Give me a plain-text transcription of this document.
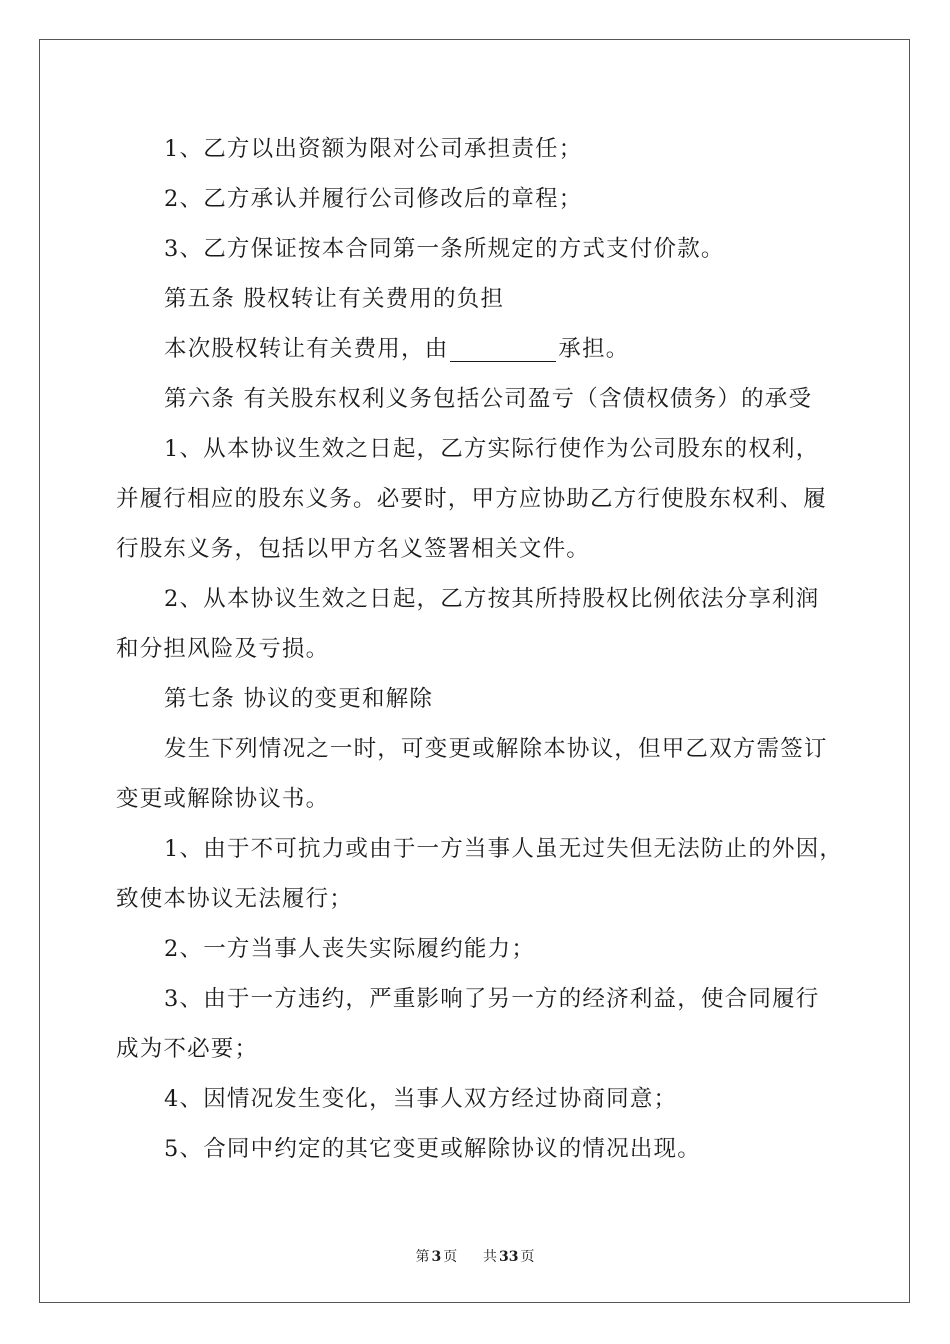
1、乙方以出资额为限对公司承担责任；
2、乙方承认并履行公司修改后的章程；
3、乙方保证按本合同第一条所规定的方式支付价款。
第五条 股权转让有关费用的负担
本次股权转让有关费用，由	承担。
第六条 有关股东权利义务包括公司盈亏（含债权债务）的承受
1、从本协议生效之日起，乙方实际行使作为公司股东的权利，
并履行相应的股东义务。必要时，甲方应协助乙方行使股东权利、履
行股东义务，包括以甲方名义签署相关文件。
2、从本协议生效之日起，乙方按其所持股权比例依法分享利润
和分担风险及亏损。
第七条 协议的变更和解除
发生下列情况之一时，可变更或解除本协议，但甲乙双方需签订
变更或解除协议书。
1、由于不可抗力或由于一方当事人虽无过失但无法防止的外因，
致使本协议无法履行；
2、一方当事人丧失实际履约能力；
3、由于一方违约，严重影响了另一方的经济利益，使合同履行
成为不必要；
4、因情况发生变化，当事人双方经过协商同意；
5、合同中约定的其它变更或解除协议的情况出现。
第 3 页 共 33 页
